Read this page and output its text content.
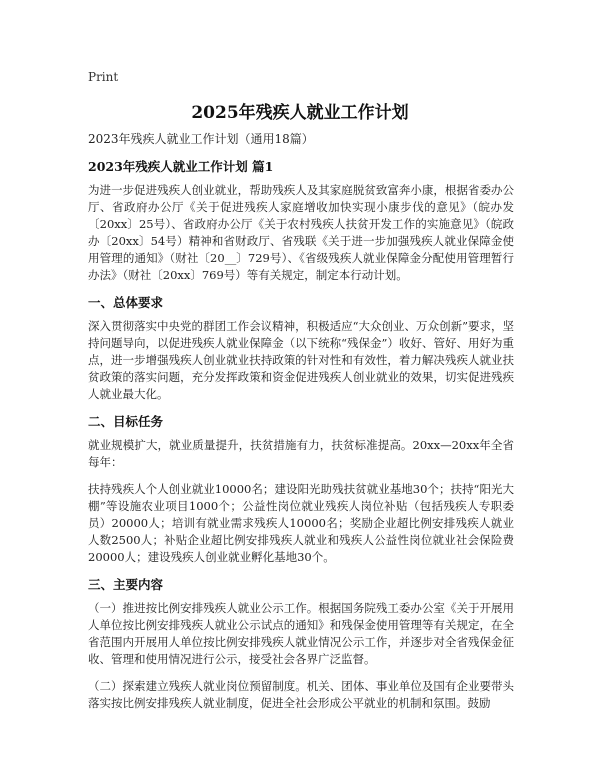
Print
2025年残疾人就业工作计划

2023年残疾人就业工作计划（通用18篇）

2023年残疾人就业工作计划 篇1

为进一步促进残疾人创业就业，帮助残疾人及其家庭脱贫致富奔小康，根据省委办公厅、省政府办公厅《关于促进残疾人家庭增收加快实现小康步伐的意见》（皖办发〔20xx〕25号）、省政府办公厅《关于农村残疾人扶贫开发工作的实施意见》（皖政办〔20xx〕54号）精神和省财政厅、省残联《关于进一步加强残疾人就业保障金使用管理的通知》（财社〔20__〕729号）、《省级残疾人就业保障金分配使用管理暂行办法》（财社〔20xx〕769号）等有关规定，制定本行动计划。

一、总体要求

深入贯彻落实中央党的群团工作会议精神，积极适应“大众创业、万众创新”要求，坚持问题导向，以促进残疾人就业保障金（以下统称“残保金”）收好、管好、用好为重点，进一步增强残疾人创业就业扶持政策的针对性和有效性，着力解决残疾人就业扶贫政策的落实问题，充分发挥政策和资金促进残疾人创业就业的效果，切实促进残疾人就业最大化。

二、目标任务

就业规模扩大，就业质量提升，扶贫措施有力，扶贫标准提高。20xx—20xx年全省每年：

扶持残疾人个人创业就业10000名；建设阳光助残扶贫就业基地30个；扶持“阳光大棚”等设施农业项目1000个；公益性岗位就业残疾人岗位补贴（包括残疾人专职委员）20000人；培训有就业需求残疾人10000名；奖励企业超比例安排残疾人就业人数2500人；补贴企业超比例安排残疾人就业和残疾人公益性岗位就业社会保险费20000人；建设残疾人创业就业孵化基地30个。

三、主要内容

（一）推进按比例安排残疾人就业公示工作。根据国务院残工委办公室《关于开展用人单位按比例安排残疾人就业公示试点的通知》和残保金使用管理等有关规定，在全省范围内开展用人单位按比例安排残疾人就业情况公示工作，并逐步对全省残保金征收、管理和使用情况进行公示，接受社会各界广泛监督。

（二）探索建立残疾人就业岗位预留制度。机关、团体、事业单位及国有企业要带头落实按比例安排残疾人就业制度，促进全社会形成公平就业的机制和氛围。鼓励
